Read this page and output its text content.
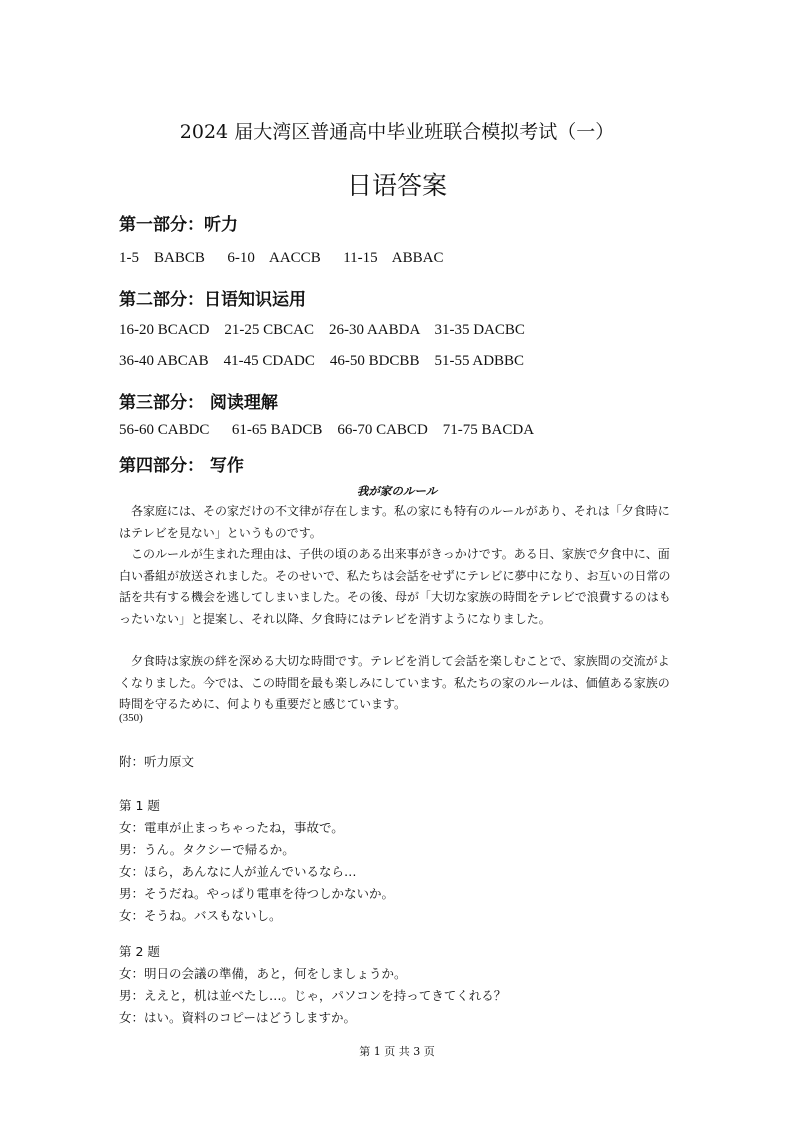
2024 届大湾区普通高中毕业班联合模拟考试（一）
日语答案
第一部分：听力
1-5    BABCB      6-10    AACCB      11-15    ABBAC
第二部分：日语知识运用
16-20 BCACD    21-25 CBCAC    26-30 AABDA    31-35 DACBC
36-40 ABCAB    41-45 CDADC    46-50 BDCBB    51-55 ADBBC
第三部分： 阅读理解
56-60 CABDC      61-65 BADCB    66-70 CABCD    71-75 BACDA
第四部分： 写作
我が家のルール
各家庭には、その家だけの不文律が存在します。私の家にも特有のルールがあり、それは「夕食時にはテレビを見ない」というものです。
このルールが生まれた理由は、子供の頃のある出来事がきっかけです。ある日、家族で夕食中に、面白い番組が放送されました。そのせいで、私たちは会話をせずにテレビに夢中になり、お互いの日常の話を共有する機会を逃してしまいました。その後、母が「大切な家族の時間をテレビで浪費するのはもったいない」と提案し、それ以降、夕食時にはテレビを消すようになりました。
夕食時は家族の絆を深める大切な時間です。テレビを消して会話を楽しむことで、家族間の交流がよくなりました。今では、この時間を最も楽しみにしています。私たちの家のルールは、価値ある家族の時間を守るために、何よりも重要だと感じています。
(350)
附：听力原文
第 1 题
女：電車が止まっちゃったね，事故で。
男：うん。タクシーで帰るか。
女：ほら，あんなに人が並んでいるなら…
男：そうだね。やっぱり電車を待つしかないか。
女：そうね。バスもないし。
第 2 题
女：明日の会議の準備，あと，何をしましょうか。
男：ええと，机は並べたし…。じゃ，パソコンを持ってきてくれる？
女：はい。資料のコピーはどうしますか。
第 1 页 共 3 页
